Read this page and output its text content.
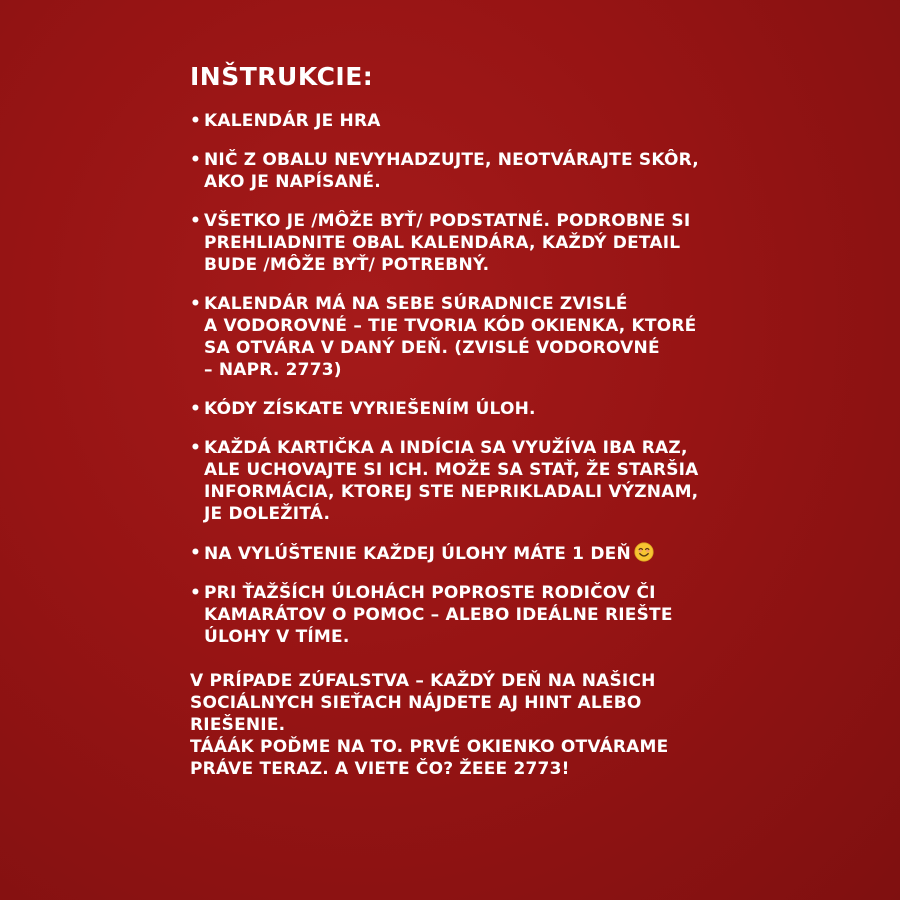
INŠTRUKCIE:
• KALENDÁR JE HRA
• NIČ Z OBALU NEVYHADZUJTE, NEOTVÁRAJTE SKÔR,
AKO JE NAPÍSANÉ.
• VŠETKO JE /MÔŽE BYŤ/ PODSTATNÉ. PODROBNE SI
PREHLIADNITE OBAL KALENDÁRA, KAŽDÝ DETAIL
BUDE /MÔŽE BYŤ/ POTREBNÝ.
• KALENDÁR MÁ NA SEBE SÚRADNICE ZVISLÉ
A VODOROVNÉ – TIE TVORIA KÓD OKIENKA, KTORÉ
SA OTVÁRA V DANÝ DEŇ. (ZVISLÉ VODOROVNÉ
– NAPR. 2773)
• KÓDY ZÍSKATE VYRIEŠENÍM ÚLOH.
• KAŽDÁ KARTIČKA A INDÍCIA SA VYUŽÍVA IBA RAZ,
ALE UCHOVAJTE SI ICH. MOŽE SA STAŤ, ŽE STARŠIA
INFORMÁCIA, KTOREJ STE NEPRIKLADALI VÝZNAM,
JE DOLEŽITÁ.
• NA VYLÚŠTENIE KAŽDEJ ÚLOHY MÁTE 1 DEŇ
• PRI ŤAŽŠÍCH ÚLOHÁCH POPROSTE RODIČOV ČI
KAMARÁTOV O POMOC – ALEBO IDEÁLNE RIEŠTE
ÚLOHY V TÍME.
V PRÍPADE ZÚFALSTVA – KAŽDÝ DEŇ NA NAŠICH
SOCIÁLNYCH SIEŤACH NÁJDETE AJ HINT ALEBO
RIEŠENIE.
TÁÁÁK POĎME NA TO. PRVÉ OKIENKO OTVÁRAME
PRÁVE TERAZ. A VIETE ČO? ŽEEE 2773!
